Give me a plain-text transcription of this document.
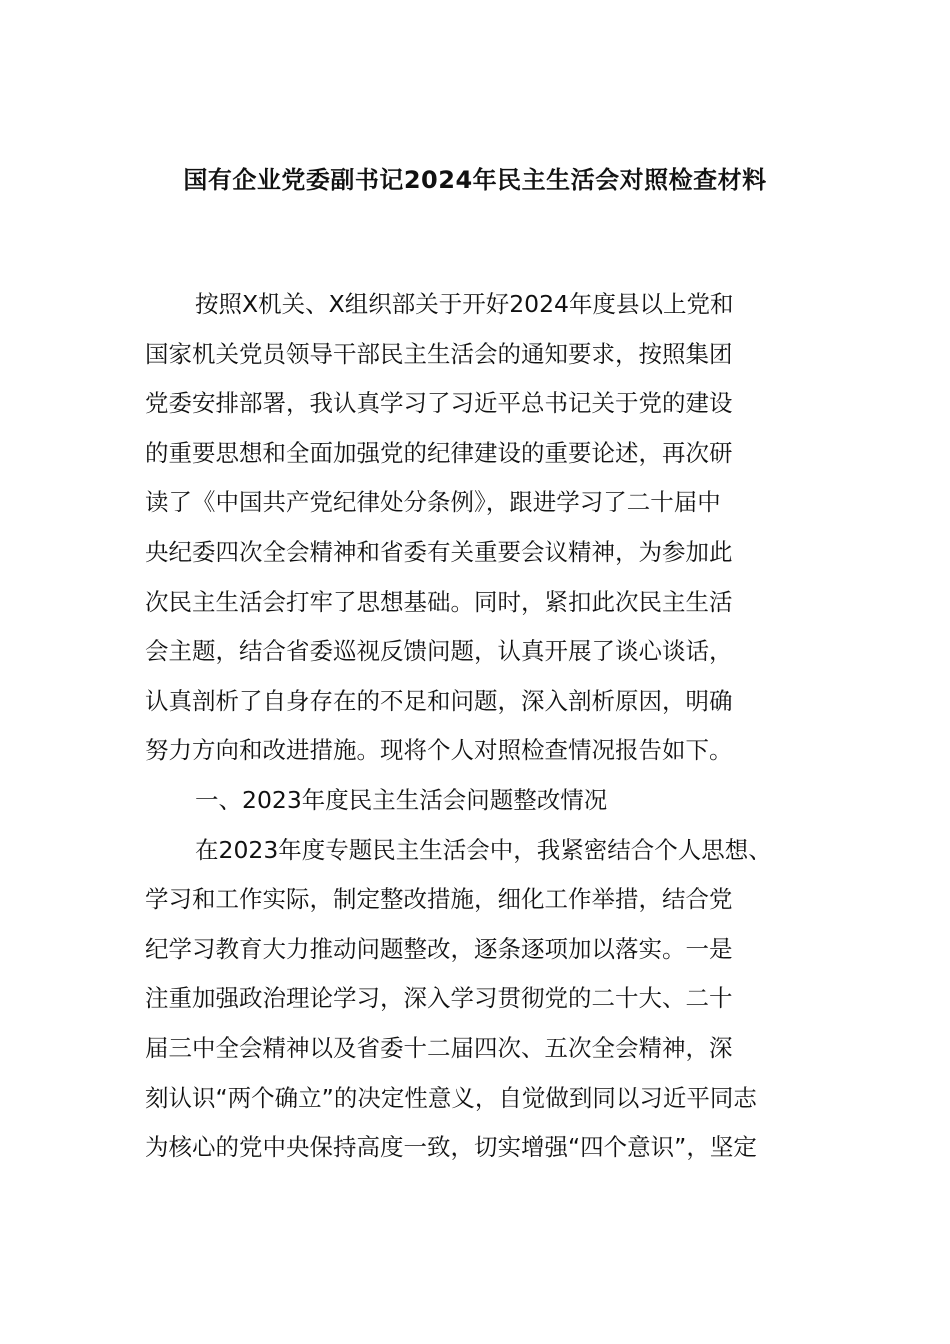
国有企业党委副书记2024年民主生活会对照检查材料
按照X机关、X组织部关于开好2024年度县以上党和
国家机关党员领导干部民主生活会的通知要求，按照集团
党委安排部署，我认真学习了习近平总书记关于党的建设
的重要思想和全面加强党的纪律建设的重要论述，再次研
读了《中国共产党纪律处分条例》，跟进学习了二十届中
央纪委四次全会精神和省委有关重要会议精神，为参加此
次民主生活会打牢了思想基础。同时，紧扣此次民主生活
会主题，结合省委巡视反馈问题，认真开展了谈心谈话，
认真剖析了自身存在的不足和问题，深入剖析原因，明确
努力方向和改进措施。现将个人对照检查情况报告如下。
一、2023年度民主生活会问题整改情况
在2023年度专题民主生活会中，我紧密结合个人思想、
学习和工作实际，制定整改措施，细化工作举措，结合党
纪学习教育大力推动问题整改，逐条逐项加以落实。一是
注重加强政治理论学习，深入学习贯彻党的二十大、二十
届三中全会精神以及省委十二届四次、五次全会精神，深
刻认识“两个确立”的决定性意义，自觉做到同以习近平同志
为核心的党中央保持高度一致，切实增强“四个意识”，坚定
